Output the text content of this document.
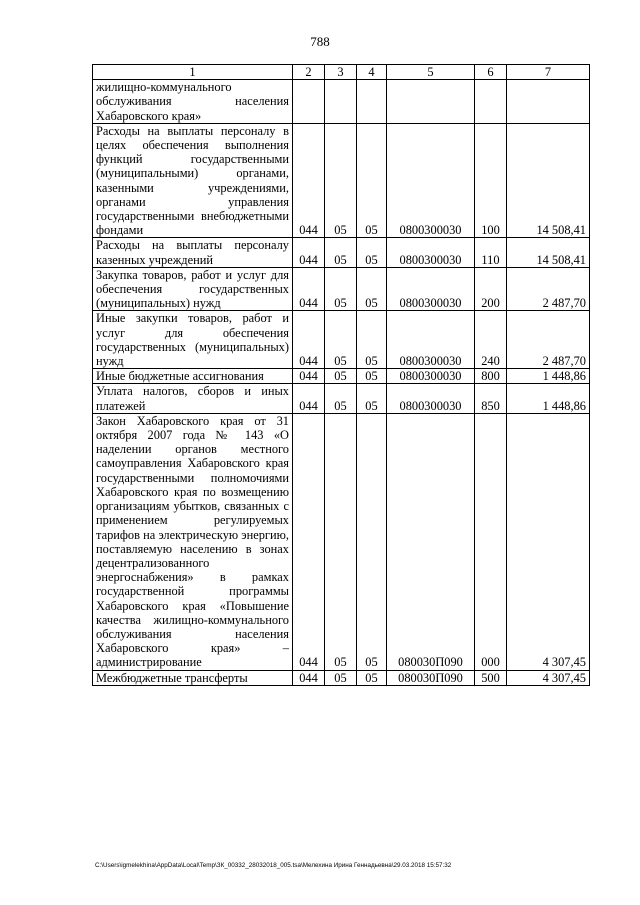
788
1	2	3	4	5	6	7
жилищно-коммунального обслуживания населения Хабаровского края»						
Расходы на выплаты персоналу в целях обеспечения выполнения функций государственными (муниципальными) органами, казенными учреждениями, органами управления государственными внебюджетными фондами	044	05	05	0800300030	100	14 508,41
Расходы на выплаты персоналу казенных учреждений	044	05	05	0800300030	110	14 508,41
Закупка товаров, работ и услуг для обеспечения государственных (муниципальных) нужд	044	05	05	0800300030	200	2 487,70
Иные закупки товаров, работ и услуг для обеспечения государственных (муниципальных) нужд	044	05	05	0800300030	240	2 487,70
Иные бюджетные ассигнования	044	05	05	0800300030	800	1 448,86
Уплата налогов, сборов и иных платежей	044	05	05	0800300030	850	1 448,86
Закон Хабаровского края от 31 октября 2007 года № 143 «О наделении органов местного самоуправления Хабаровского края государственными полномочиями Хабаровского края по возмещению организациям убытков, связанных с применением регулируемых тарифов на электрическую энергию, поставляемую населению в зонах децентрализованного энергоснабжения» в рамках государственной программы Хабаровского края «Повышение качества жилищно-коммунального обслуживания населения Хабаровского края» – администрирование	044	05	05	080030П090	000	4 307,45
Межбюджетные трансферты	044	05	05	080030П090	500	4 307,45
C:\Users\igmelekhina\AppData\Local\Temp\ЗК_00332_28032018_005.tsa\Мелехина Ирина Геннадьевна\29.03.2018 15:57:32
